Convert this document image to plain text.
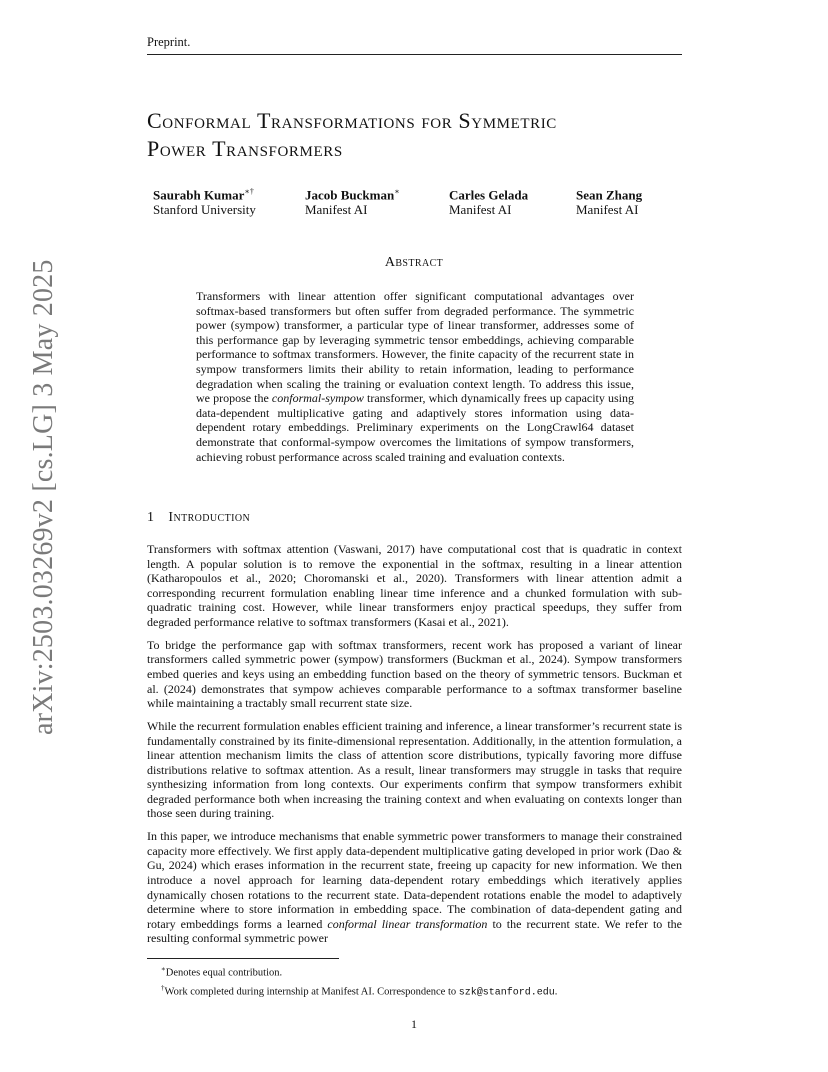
Preprint.
arXiv:2503.03269v2 [cs.LG] 3 May 2025
Conformal Transformations for Symmetric
Power Transformers
Saurabh Kumar∗†
Stanford University
Jacob Buckman∗
Manifest AI
Carles Gelada
Manifest AI
Sean Zhang
Manifest AI
Abstract
Transformers with linear attention offer significant computational advantages over softmax-based transformers but often suffer from degraded performance. The symmetric power (sympow) transformer, a particular type of linear transformer, addresses some of this performance gap by leveraging symmetric tensor embeddings, achieving comparable performance to softmax transformers. However, the finite capacity of the recurrent state in sympow transformers limits their ability to retain information, leading to performance degradation when scaling the training or evaluation context length. To address this issue, we propose the conformal-sympow transformer, which dynamically frees up capacity using data-dependent multiplicative gating and adaptively stores information using data-dependent rotary embeddings. Preliminary experiments on the LongCrawl64 dataset demonstrate that conformal-sympow overcomes the limitations of sympow transformers, achieving robust performance across scaled training and evaluation contexts.
1 Introduction

Transformers with softmax attention (Vaswani, 2017) have computational cost that is quadratic in context length. A popular solution is to remove the exponential in the softmax, resulting in a linear attention (Katharopoulos et al., 2020; Choromanski et al., 2020). Transformers with linear attention admit a corresponding recurrent formulation enabling linear time inference and a chunked formulation with sub-quadratic training cost. However, while linear transformers enjoy practical speedups, they suffer from degraded performance relative to softmax transformers (Kasai et al., 2021).

To bridge the performance gap with softmax transformers, recent work has proposed a variant of linear transformers called symmetric power (sympow) transformers (Buckman et al., 2024). Sympow transformers embed queries and keys using an embedding function based on the theory of symmetric tensors. Buckman et al. (2024) demonstrates that sympow achieves comparable performance to a softmax transformer baseline while maintaining a tractably small recurrent state size.

While the recurrent formulation enables efficient training and inference, a linear transformer’s recurrent state is fundamentally constrained by its finite-dimensional representation. Additionally, in the attention formulation, a linear attention mechanism limits the class of attention score distributions, typically favoring more diffuse distributions relative to softmax attention. As a result, linear transformers may struggle in tasks that require synthesizing information from long contexts. Our experiments confirm that sympow transformers exhibit degraded performance both when increasing the training context and when evaluating on contexts longer than those seen during training.

In this paper, we introduce mechanisms that enable symmetric power transformers to manage their constrained capacity more effectively. We first apply data-dependent multiplicative gating developed in prior work (Dao & Gu, 2024) which erases information in the recurrent state, freeing up capacity for new information. We then introduce a novel approach for learning data-dependent rotary embeddings which iteratively applies dynamically chosen rotations to the recurrent state. Data-dependent rotations enable the model to adaptively determine where to store information in embedding space. The combination of data-dependent gating and rotary embeddings forms a learned conformal linear transformation to the recurrent state. We refer to the resulting conformal symmetric power

∗Denotes equal contribution.
†Work completed during internship at Manifest AI. Correspondence to szk@stanford.edu.
1
